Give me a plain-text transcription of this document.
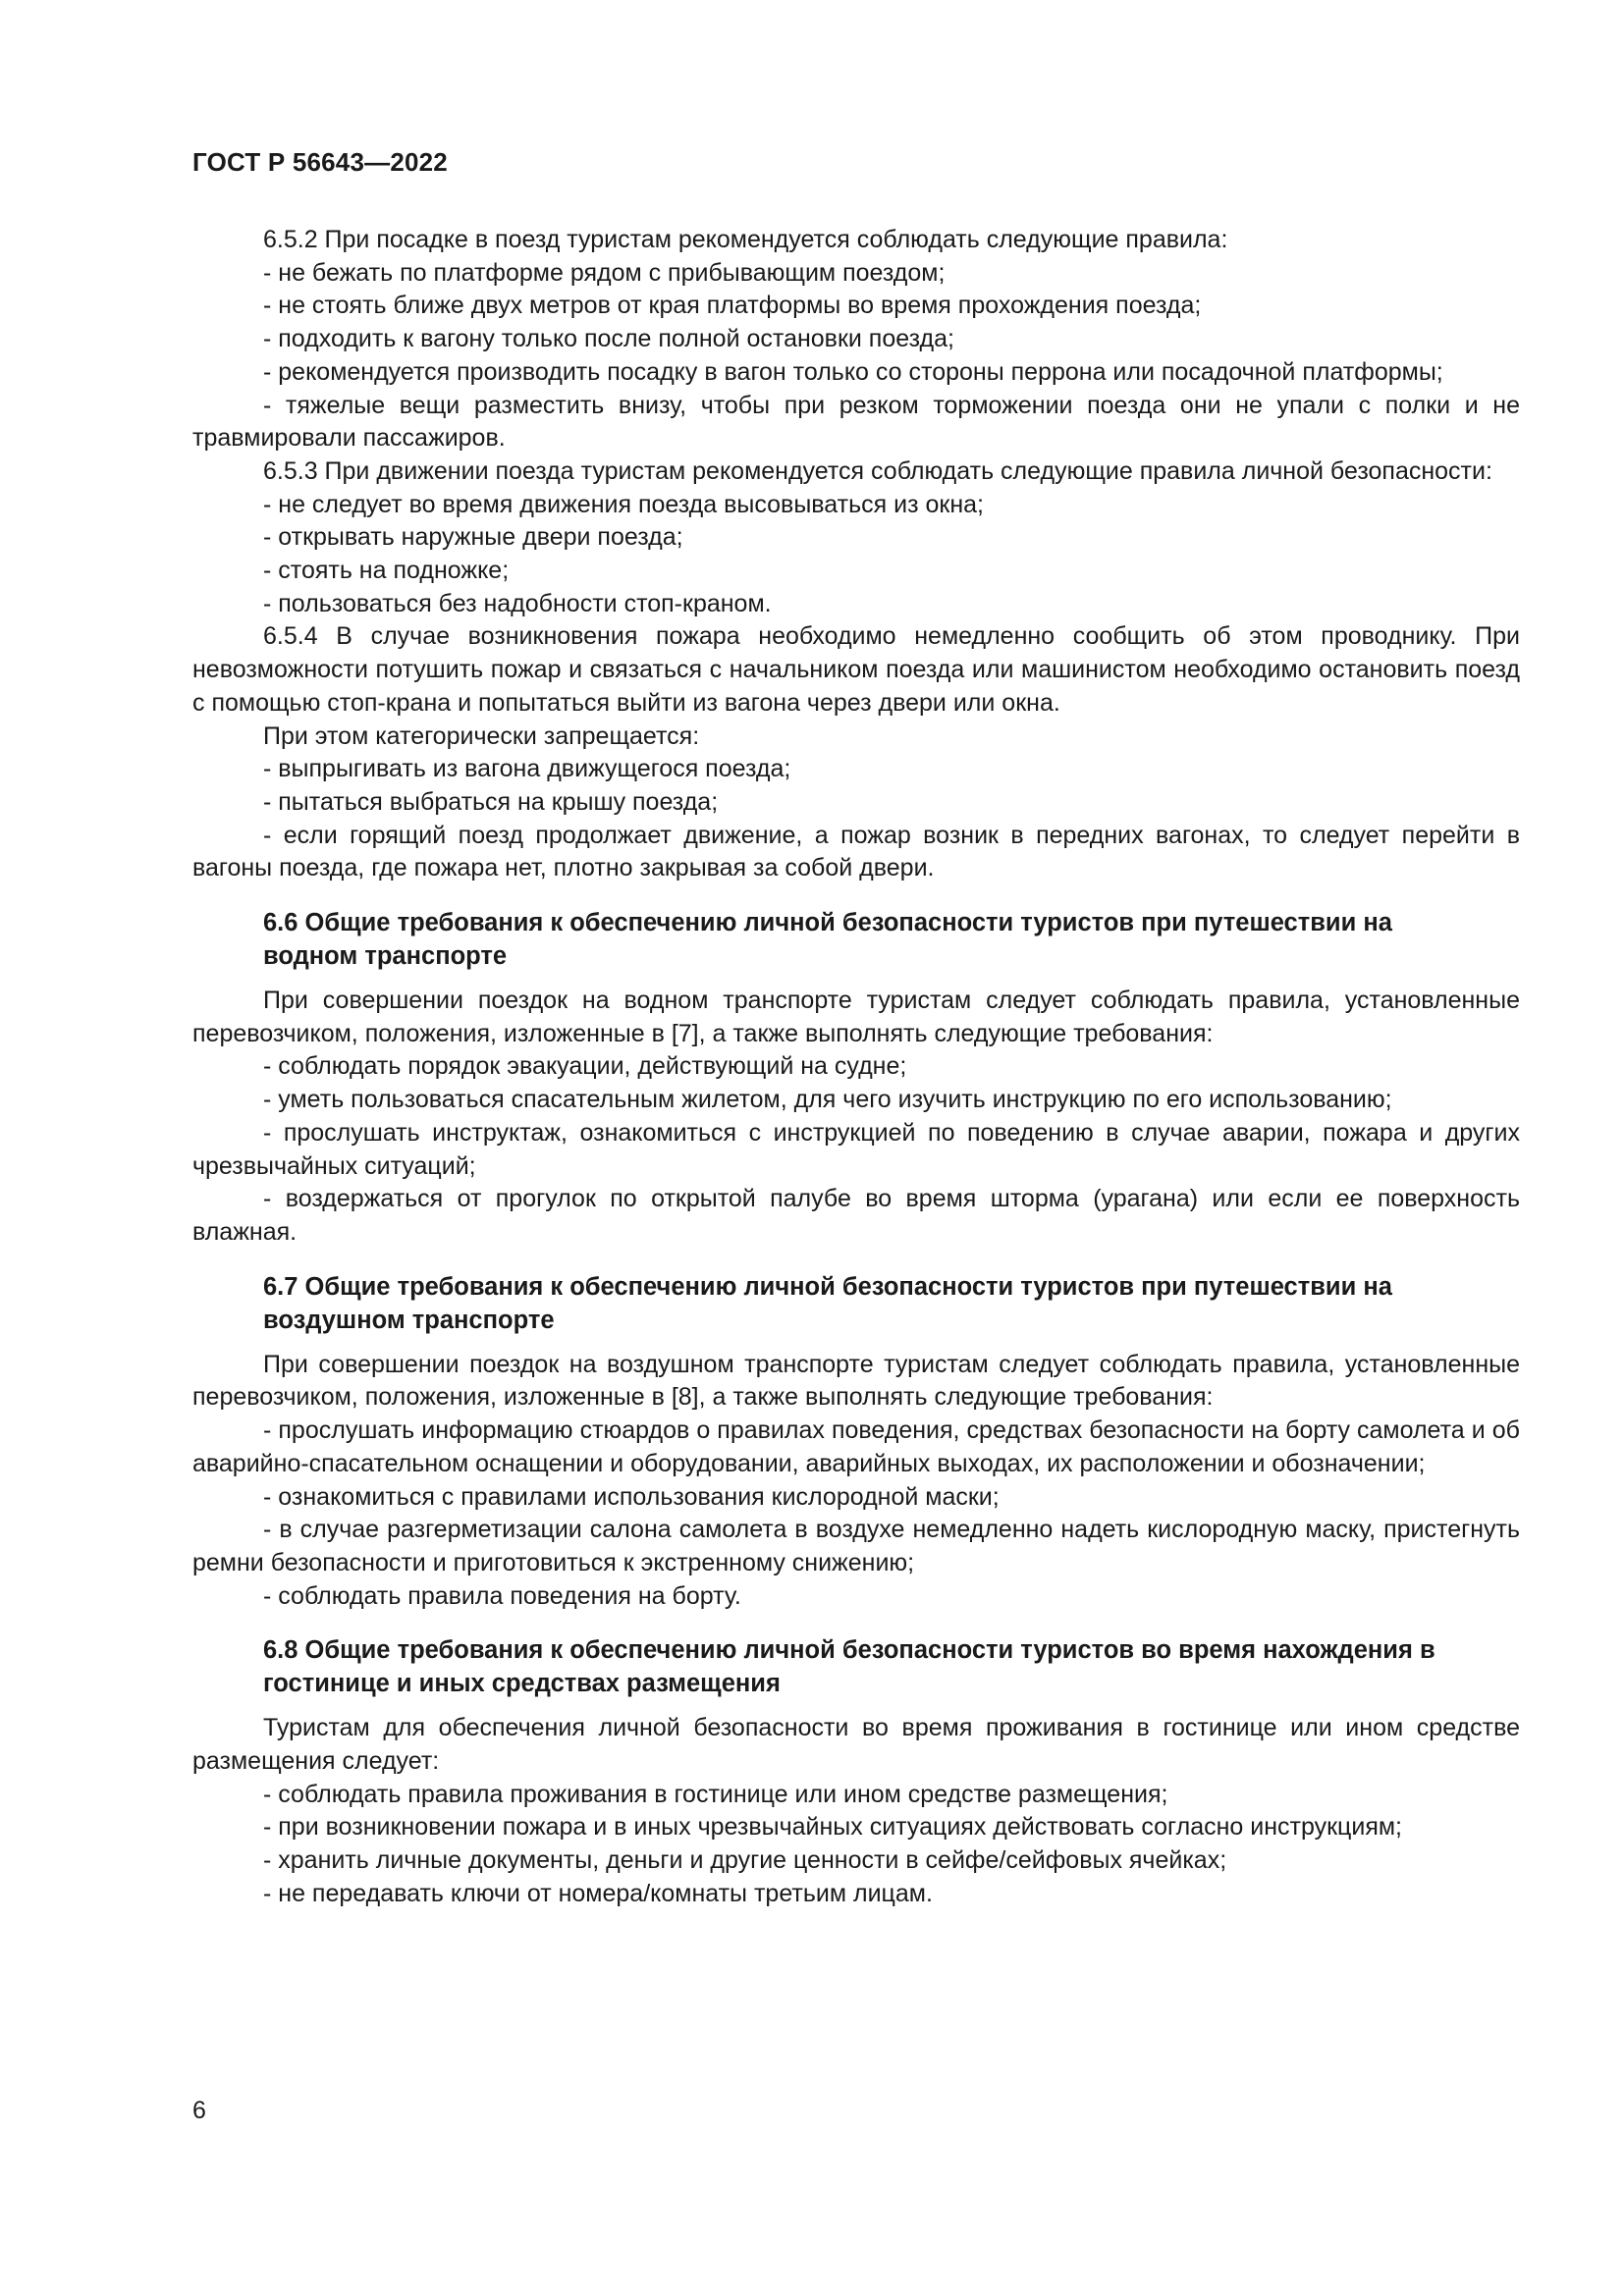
ГОСТ Р 56643—2022

6.5.2 При посадке в поезд туристам рекомендуется соблюдать следующие правила:

- не бежать по платформе рядом с прибывающим поездом;

- не стоять ближе двух метров от края платформы во время прохождения поезда;

- подходить к вагону только после полной остановки поезда;

- рекомендуется производить посадку в вагон только со стороны перрона или посадочной платформы;

- тяжелые вещи разместить внизу, чтобы при резком торможении поезда они не упали с полки и не травмировали пассажиров.

6.5.3 При движении поезда туристам рекомендуется соблюдать следующие правила личной безопасности:

- не следует во время движения поезда высовываться из окна;

- открывать наружные двери поезда;

- стоять на подножке;

- пользоваться без надобности стоп-краном.

6.5.4 В случае возникновения пожара необходимо немедленно сообщить об этом проводнику. При невозможности потушить пожар и связаться с начальником поезда или машинистом необходимо остановить поезд с помощью стоп-крана и попытаться выйти из вагона через двери или окна.

При этом категорически запрещается:

- выпрыгивать из вагона движущегося поезда;

- пытаться выбраться на крышу поезда;

- если горящий поезд продолжает движение, а пожар возник в передних вагонах, то следует перейти в вагоны поезда, где пожара нет, плотно закрывая за собой двери.

6.6 Общие требования к обеспечению личной безопасности туристов при путешествии на водном транспорте

При совершении поездок на водном транспорте туристам следует соблюдать правила, установленные перевозчиком, положения, изложенные в [7], а также выполнять следующие требования:

- соблюдать порядок эвакуации, действующий на судне;

- уметь пользоваться спасательным жилетом, для чего изучить инструкцию по его использованию;

- прослушать инструктаж, ознакомиться с инструкцией по поведению в случае аварии, пожара и других чрезвычайных ситуаций;

- воздержаться от прогулок по открытой палубе во время шторма (урагана) или если ее поверхность влажная.

6.7 Общие требования к обеспечению личной безопасности туристов при путешествии на воздушном транспорте

При совершении поездок на воздушном транспорте туристам следует соблюдать правила, установленные перевозчиком, положения, изложенные в [8], а также выполнять следующие требования:

- прослушать информацию стюардов о правилах поведения, средствах безопасности на борту самолета и об аварийно-спасательном оснащении и оборудовании, аварийных выходах, их расположении и обозначении;

- ознакомиться с правилами использования кислородной маски;

- в случае разгерметизации салона самолета в воздухе немедленно надеть кислородную маску, пристегнуть ремни безопасности и приготовиться к экстренному снижению;

- соблюдать правила поведения на борту.

6.8 Общие требования к обеспечению личной безопасности туристов во время нахождения в гостинице и иных средствах размещения

Туристам для обеспечения личной безопасности во время проживания в гостинице или ином средстве размещения следует:

- соблюдать правила проживания в гостинице или ином средстве размещения;

- при возникновении пожара и в иных чрезвычайных ситуациях действовать согласно инструкциям;

- хранить личные документы, деньги и другие ценности в сейфе/сейфовых ячейках;

- не передавать ключи от номера/комнаты третьим лицам.

6
